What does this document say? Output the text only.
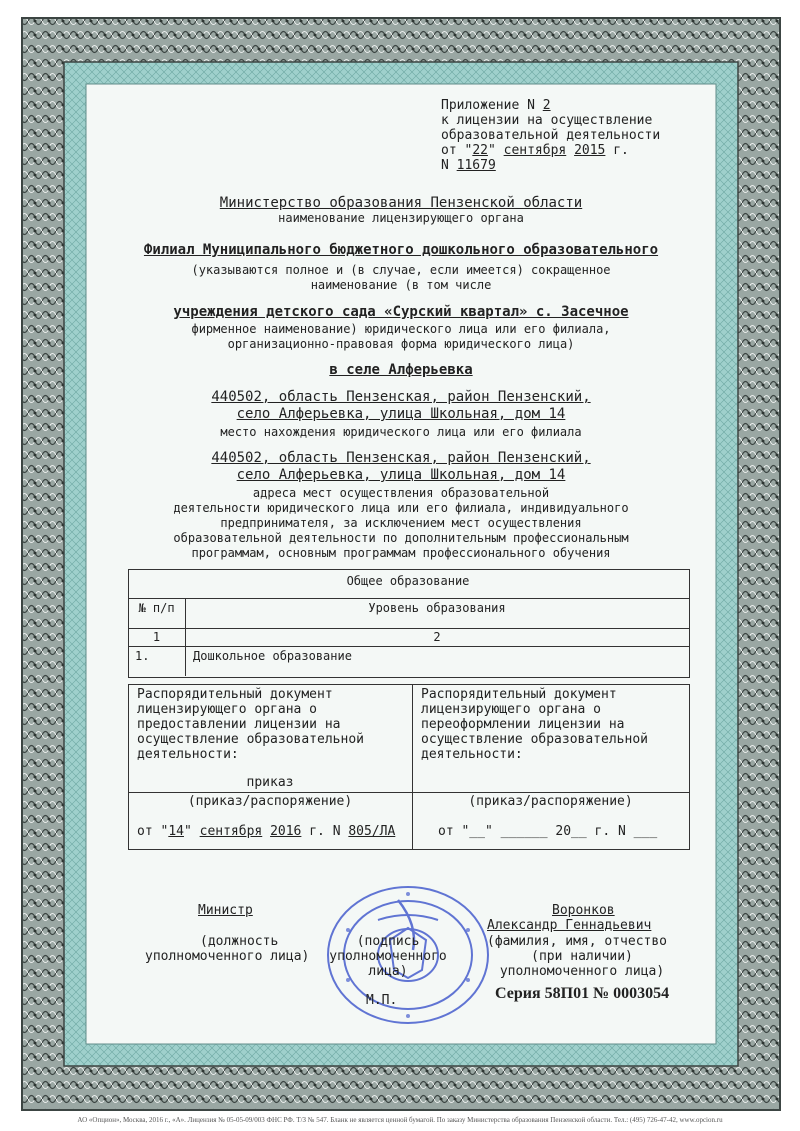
Приложение N 2
к лицензии на осуществление
образовательной деятельности
от "22" сентября 2015 г.
N 11679
Министерство образования Пензенской области
наименование лицензирующего органа
Филиал Муниципального бюджетного дошкольного образовательного
(указываются полное и (в случае, если имеется) сокращенное
наименование (в том числе
учреждения детского сада «Сурский квартал» с. Засечное
фирменное наименование) юридического лица или его филиала,
организационно-правовая форма юридического лица)
в селе Алферьевка
440502, область Пензенская, район Пензенский,
село Алферьевка, улица Школьная, дом 14
место нахождения юридического лица или его филиала
440502, область Пензенская, район Пензенский,
село Алферьевка, улица Школьная, дом 14
адреса мест осуществления образовательной
деятельности юридического лица или его филиала, индивидуального
предпринимателя, за исключением мест осуществления
образовательной деятельности по дополнительным профессиональным
программам, основным программам профессионального обучения
Общее образование
№ п/п	Уровень образования
1	2
1.	Дошкольное образование
Распорядительный документ
лицензирующего органа о
предоставлении лицензии на
осуществление образовательной
деятельности:
приказ
(приказ/распоряжение)
от "14" сентября 2016 г. N 805/ЛА
Распорядительный документ
лицензирующего органа о
переоформлении лицензии на
осуществление образовательной
деятельности:
(приказ/распоряжение)
от "__" ______ 20__ г. N ___
Министр
(должность
уполномоченного лица)
(подпись
уполномоченного
лица)
Воронков
Александр Геннадьевич
(фамилия, имя, отчество
(при наличии)
уполномоченного лица)
М.П.	Серия 58П01 № 0003054
АО «Опцион», Москва, 2016 г., «А». Лицензия № 05-05-09/003 ФНС РФ. Т/З № 547. Бланк не является ценной бумагой. По заказу Министерства образования Пензенской области. Тел.: (495) 726-47-42, www.opcion.ru
